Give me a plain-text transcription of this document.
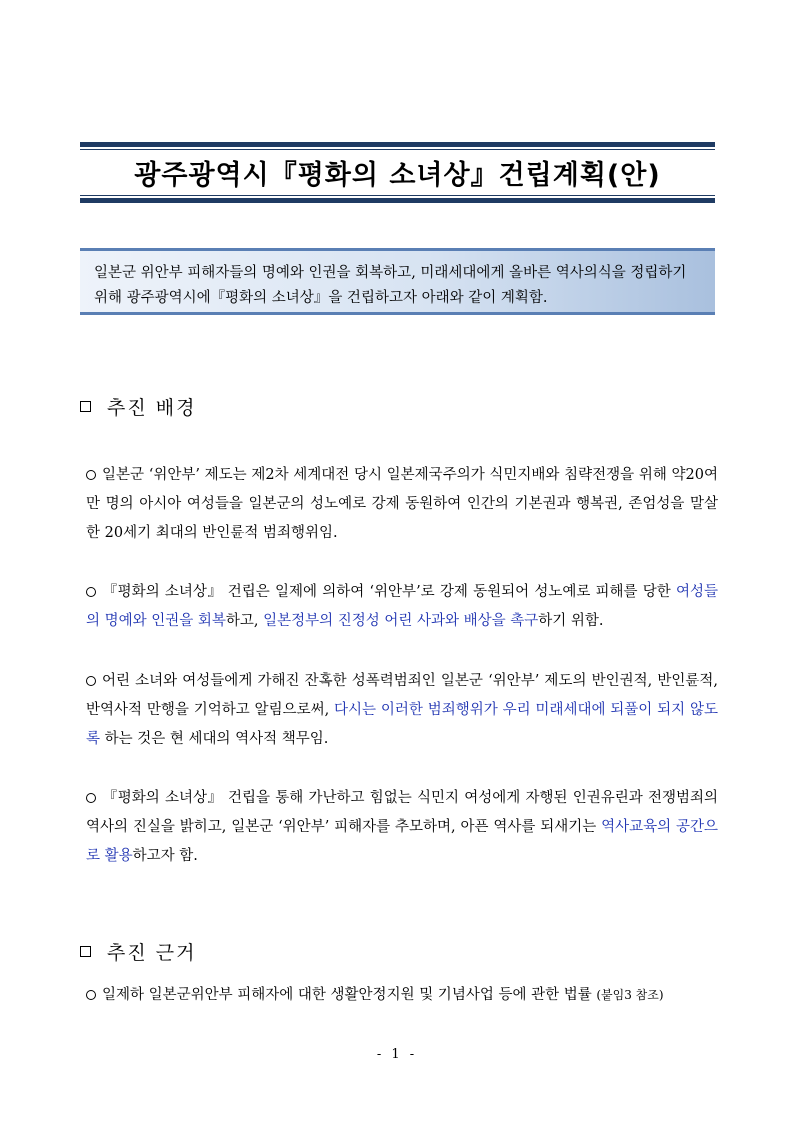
광주광역시『평화의 소녀상』건립계획(안)

일본군 위안부 피해자들의 명예와 인권을 회복하고, 미래세대에게 올바른 역사의식을 정립하기

위해 광주광역시에『평화의 소녀상』을 건립하고자 아래와 같이 계획함.

추진 배경

일본군 ‘위안부’ 제도는 제2차 세계대전 당시 일본제국주의가 식민지배와 침략전쟁을 위해 약20여만 명의 아시아 여성들을 일본군의 성노예로 강제 동원하여 인간의 기본권과 행복권, 존엄성을 말살한 20세기 최대의 반인륜적 범죄행위임.

『평화의 소녀상』 건립은 일제에 의하여 ‘위안부’로 강제 동원되어 성노예로 피해를 당한 여성들의 명예와 인권을 회복하고, 일본정부의 진정성 어린 사과와 배상을 촉구하기 위함.

어린 소녀와 여성들에게 가해진 잔혹한 성폭력범죄인 일본군 ‘위안부’ 제도의 반인권적, 반인륜적, 반역사적 만행을 기억하고 알림으로써, 다시는 이러한 범죄행위가 우리 미래세대에 되풀이 되지 않도록 하는 것은 현 세대의 역사적 책무임.

『평화의 소녀상』 건립을 통해 가난하고 힘없는 식민지 여성에게 자행된 인권유린과 전쟁범죄의 역사의 진실을 밝히고, 일본군 ‘위안부’ 피해자를 추모하며, 아픈 역사를 되새기는 역사교육의 공간으로 활용하고자 함.

추진 근거

일제하 일본군위안부 피해자에 대한 생활안정지원 및 기념사업 등에 관한 법률 (붙임3 참조)

- 1 -
